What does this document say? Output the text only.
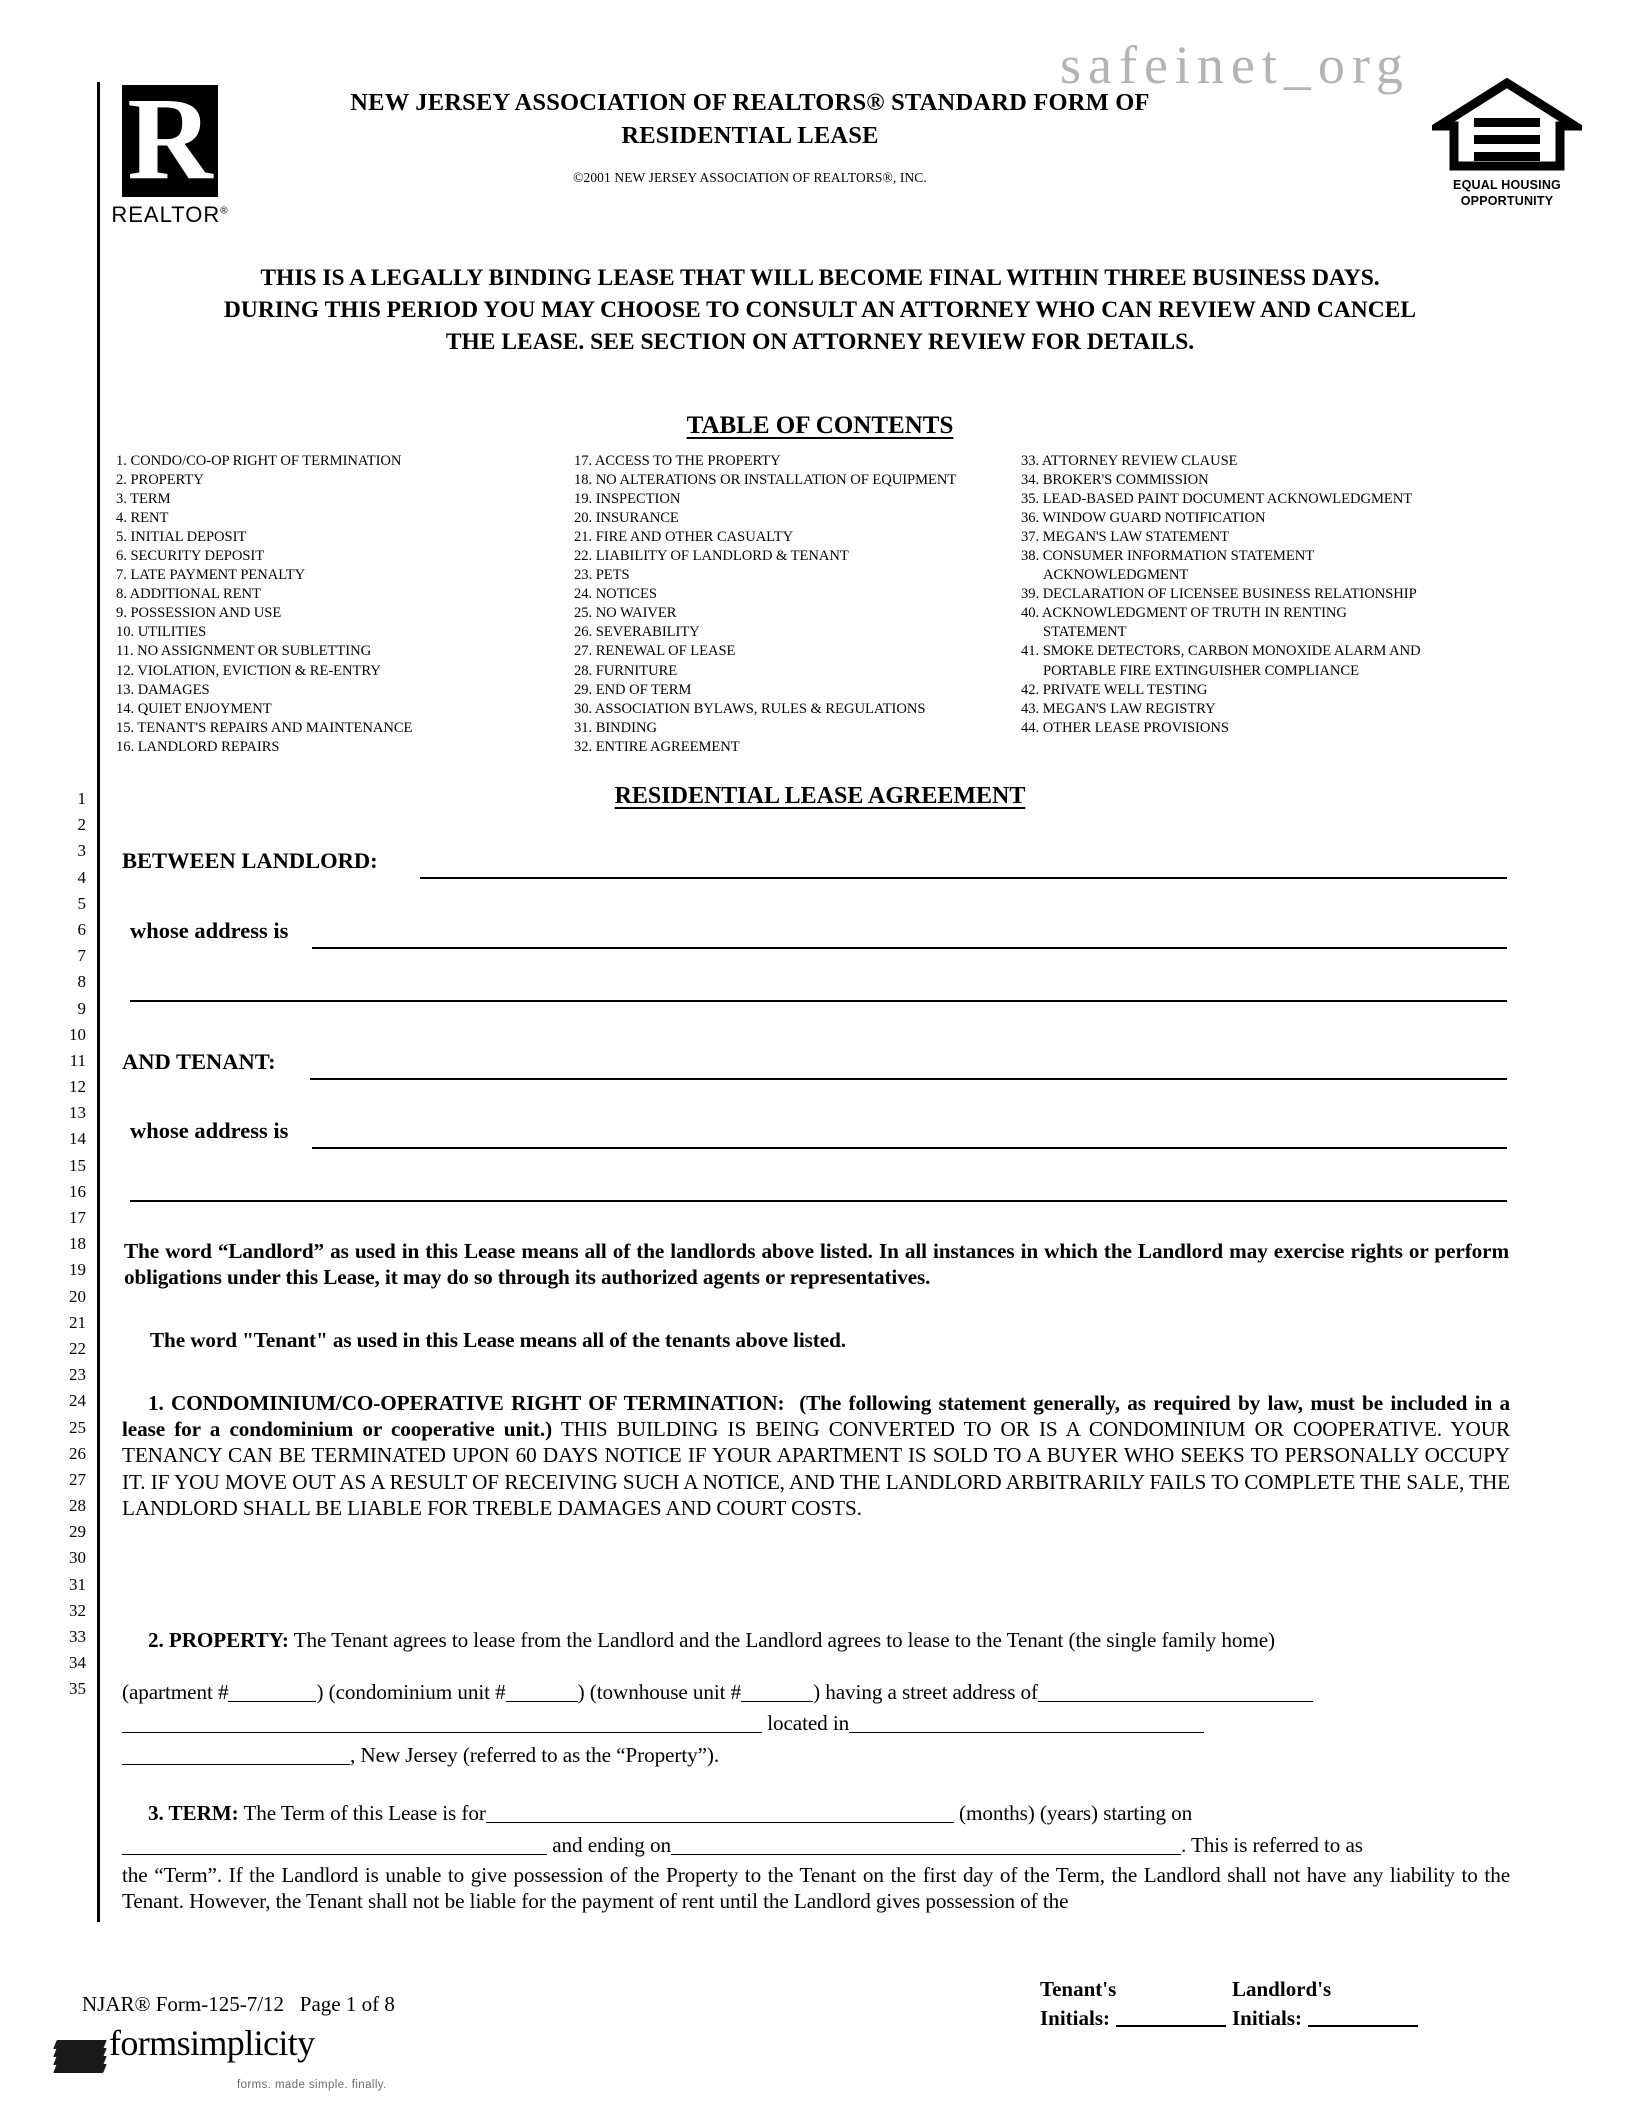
safeinet_org
R
REALTOR®
NEW JERSEY ASSOCIATION OF REALTORS® STANDARD FORM OF
RESIDENTIAL LEASE
©2001 NEW JERSEY ASSOCIATION OF REALTORS®, INC.	EQUAL HOUSING
OPPORTUNITY
THIS IS A LEGALLY BINDING LEASE THAT WILL BECOME FINAL WITHIN THREE BUSINESS DAYS.
DURING THIS PERIOD YOU MAY CHOOSE TO CONSULT AN ATTORNEY WHO CAN REVIEW AND CANCEL
THE LEASE. SEE SECTION ON ATTORNEY REVIEW FOR DETAILS.
TABLE OF CONTENTS
1. CONDO/CO-OP RIGHT OF TERMINATION
2. PROPERTY
3. TERM
4. RENT
5. INITIAL DEPOSIT
6. SECURITY DEPOSIT
7. LATE PAYMENT PENALTY
8. ADDITIONAL RENT
9. POSSESSION AND USE
10. UTILITIES
11. NO ASSIGNMENT OR SUBLETTING
12. VIOLATION, EVICTION & RE-ENTRY
13. DAMAGES
14. QUIET ENJOYMENT
15. TENANT'S REPAIRS AND MAINTENANCE
16. LANDLORD REPAIRS
17. ACCESS TO THE PROPERTY
18. NO ALTERATIONS OR INSTALLATION OF EQUIPMENT
19. INSPECTION
20. INSURANCE
21. FIRE AND OTHER CASUALTY
22. LIABILITY OF LANDLORD & TENANT
23. PETS
24. NOTICES
25. NO WAIVER
26. SEVERABILITY
27. RENEWAL OF LEASE
28. FURNITURE
29. END OF TERM
30. ASSOCIATION BYLAWS, RULES & REGULATIONS
31. BINDING
32. ENTIRE AGREEMENT
33. ATTORNEY REVIEW CLAUSE
34. BROKER'S COMMISSION
35. LEAD-BASED PAINT DOCUMENT ACKNOWLEDGMENT
36. WINDOW GUARD NOTIFICATION
37. MEGAN'S LAW STATEMENT
38. CONSUMER INFORMATION STATEMENT
ACKNOWLEDGMENT
39. DECLARATION OF LICENSEE BUSINESS RELATIONSHIP
40. ACKNOWLEDGMENT OF TRUTH IN RENTING
STATEMENT
41. SMOKE DETECTORS, CARBON MONOXIDE ALARM AND
PORTABLE FIRE EXTINGUISHER COMPLIANCE
42. PRIVATE WELL TESTING
43. MEGAN'S LAW REGISTRY
44. OTHER LEASE PROVISIONS
1
2
3
4
5
6
7
8
9
10
11
12
13
14
15
16
17
18
19
20
21
22
23
24
25
26
27
28
29
30
31
32
33
34
35
RESIDENTIAL LEASE AGREEMENT
BETWEEN LANDLORD:
whose address is
AND TENANT:
whose address is
The word “Landlord” as used in this Lease means all of the landlords above listed. In all instances in which the Landlord may exercise rights or perform obligations under this Lease, it may do so through its authorized agents or representatives.
The word "Tenant" as used in this Lease means all of the tenants above listed.
1. CONDOMINIUM/CO-OPERATIVE RIGHT OF TERMINATION: (The following statement generally, as required by law, must be included in a lease for a condominium or cooperative unit.) THIS BUILDING IS BEING CONVERTED TO OR IS A CONDOMINIUM OR COOPERATIVE. YOUR TENANCY CAN BE TERMINATED UPON 60 DAYS NOTICE IF YOUR APARTMENT IS SOLD TO A BUYER WHO SEEKS TO PERSONALLY OCCUPY IT. IF YOU MOVE OUT AS A RESULT OF RECEIVING SUCH A NOTICE, AND THE LANDLORD ARBITRARILY FAILS TO COMPLETE THE SALE, THE LANDLORD SHALL BE LIABLE FOR TREBLE DAMAGES AND COURT COSTS.
2. PROPERTY: The Tenant agrees to lease from the Landlord and the Landlord agrees to lease to the Tenant (the single family home)
(apartment #	) (condominium unit #	) (townhouse unit #	) having a street address of
located in
, New Jersey (referred to as the “Property”).
3. TERM: The Term of this Lease is for	(months) (years) starting on
and ending on	. This is referred to as
the “Term”. If the Landlord is unable to give possession of the Property to the Tenant on the first day of the Term, the Landlord shall not have any liability to the Tenant. However, the Tenant shall not be liable for the payment of rent until the Landlord gives possession of the
NJAR® Form-125-7/12 Page 1 of 8
formsimplicity
forms. made simple. finally.
Tenant's
Initials:
Landlord's
Initials:
